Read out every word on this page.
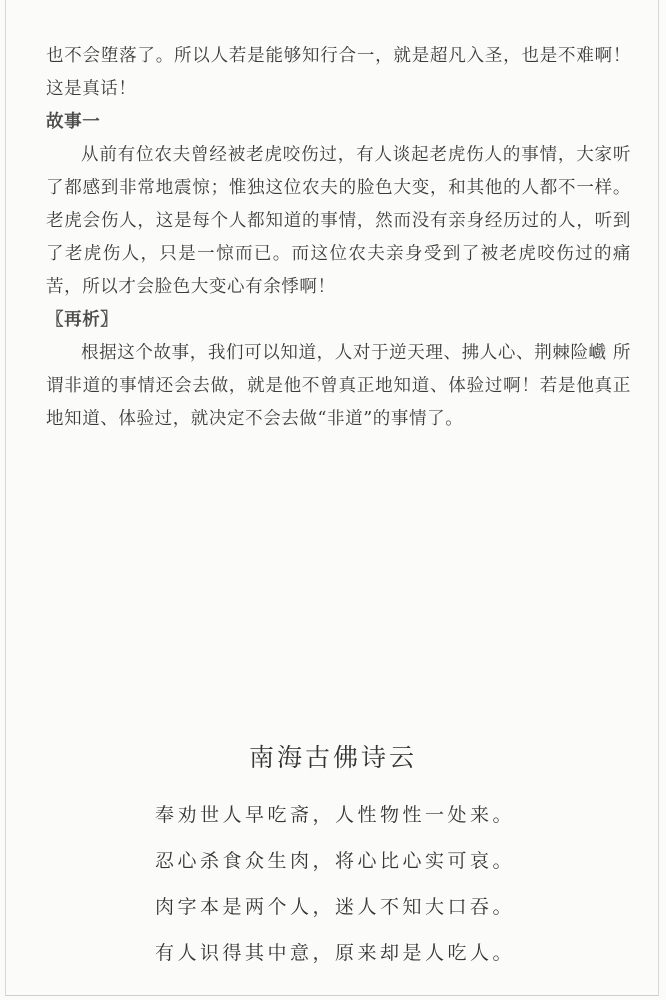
也不会堕落了。所以人若是能够知行合一，就是超凡入圣，也是不难啊！这是真话！

故事一

从前有位农夫曾经被老虎咬伤过，有人谈起老虎伤人的事情，大家听了都感到非常地震惊；惟独这位农夫的脸色大变，和其他的人都不一样。老虎会伤人，这是每个人都知道的事情，然而没有亲身经历过的人，听到了老虎伤人，只是一惊而已。而这位农夫亲身受到了被老虎咬伤过的痛苦，所以才会脸色大变心有余悸啊！

〖再析〗

根据这个故事，我们可以知道，人对于逆天理、拂人心、荆棘险巇 所谓非道的事情还会去做，就是他不曾真正地知道、体验过啊！若是他真正地知道、体验过，就决定不会去做“非道”的事情了。

南海古佛诗云

奉劝世人早吃斋，人性物性一处来。

忍心杀食众生肉，将心比心实可哀。

肉字本是两个人，迷人不知大口吞。

有人识得其中意，原来却是人吃人。
